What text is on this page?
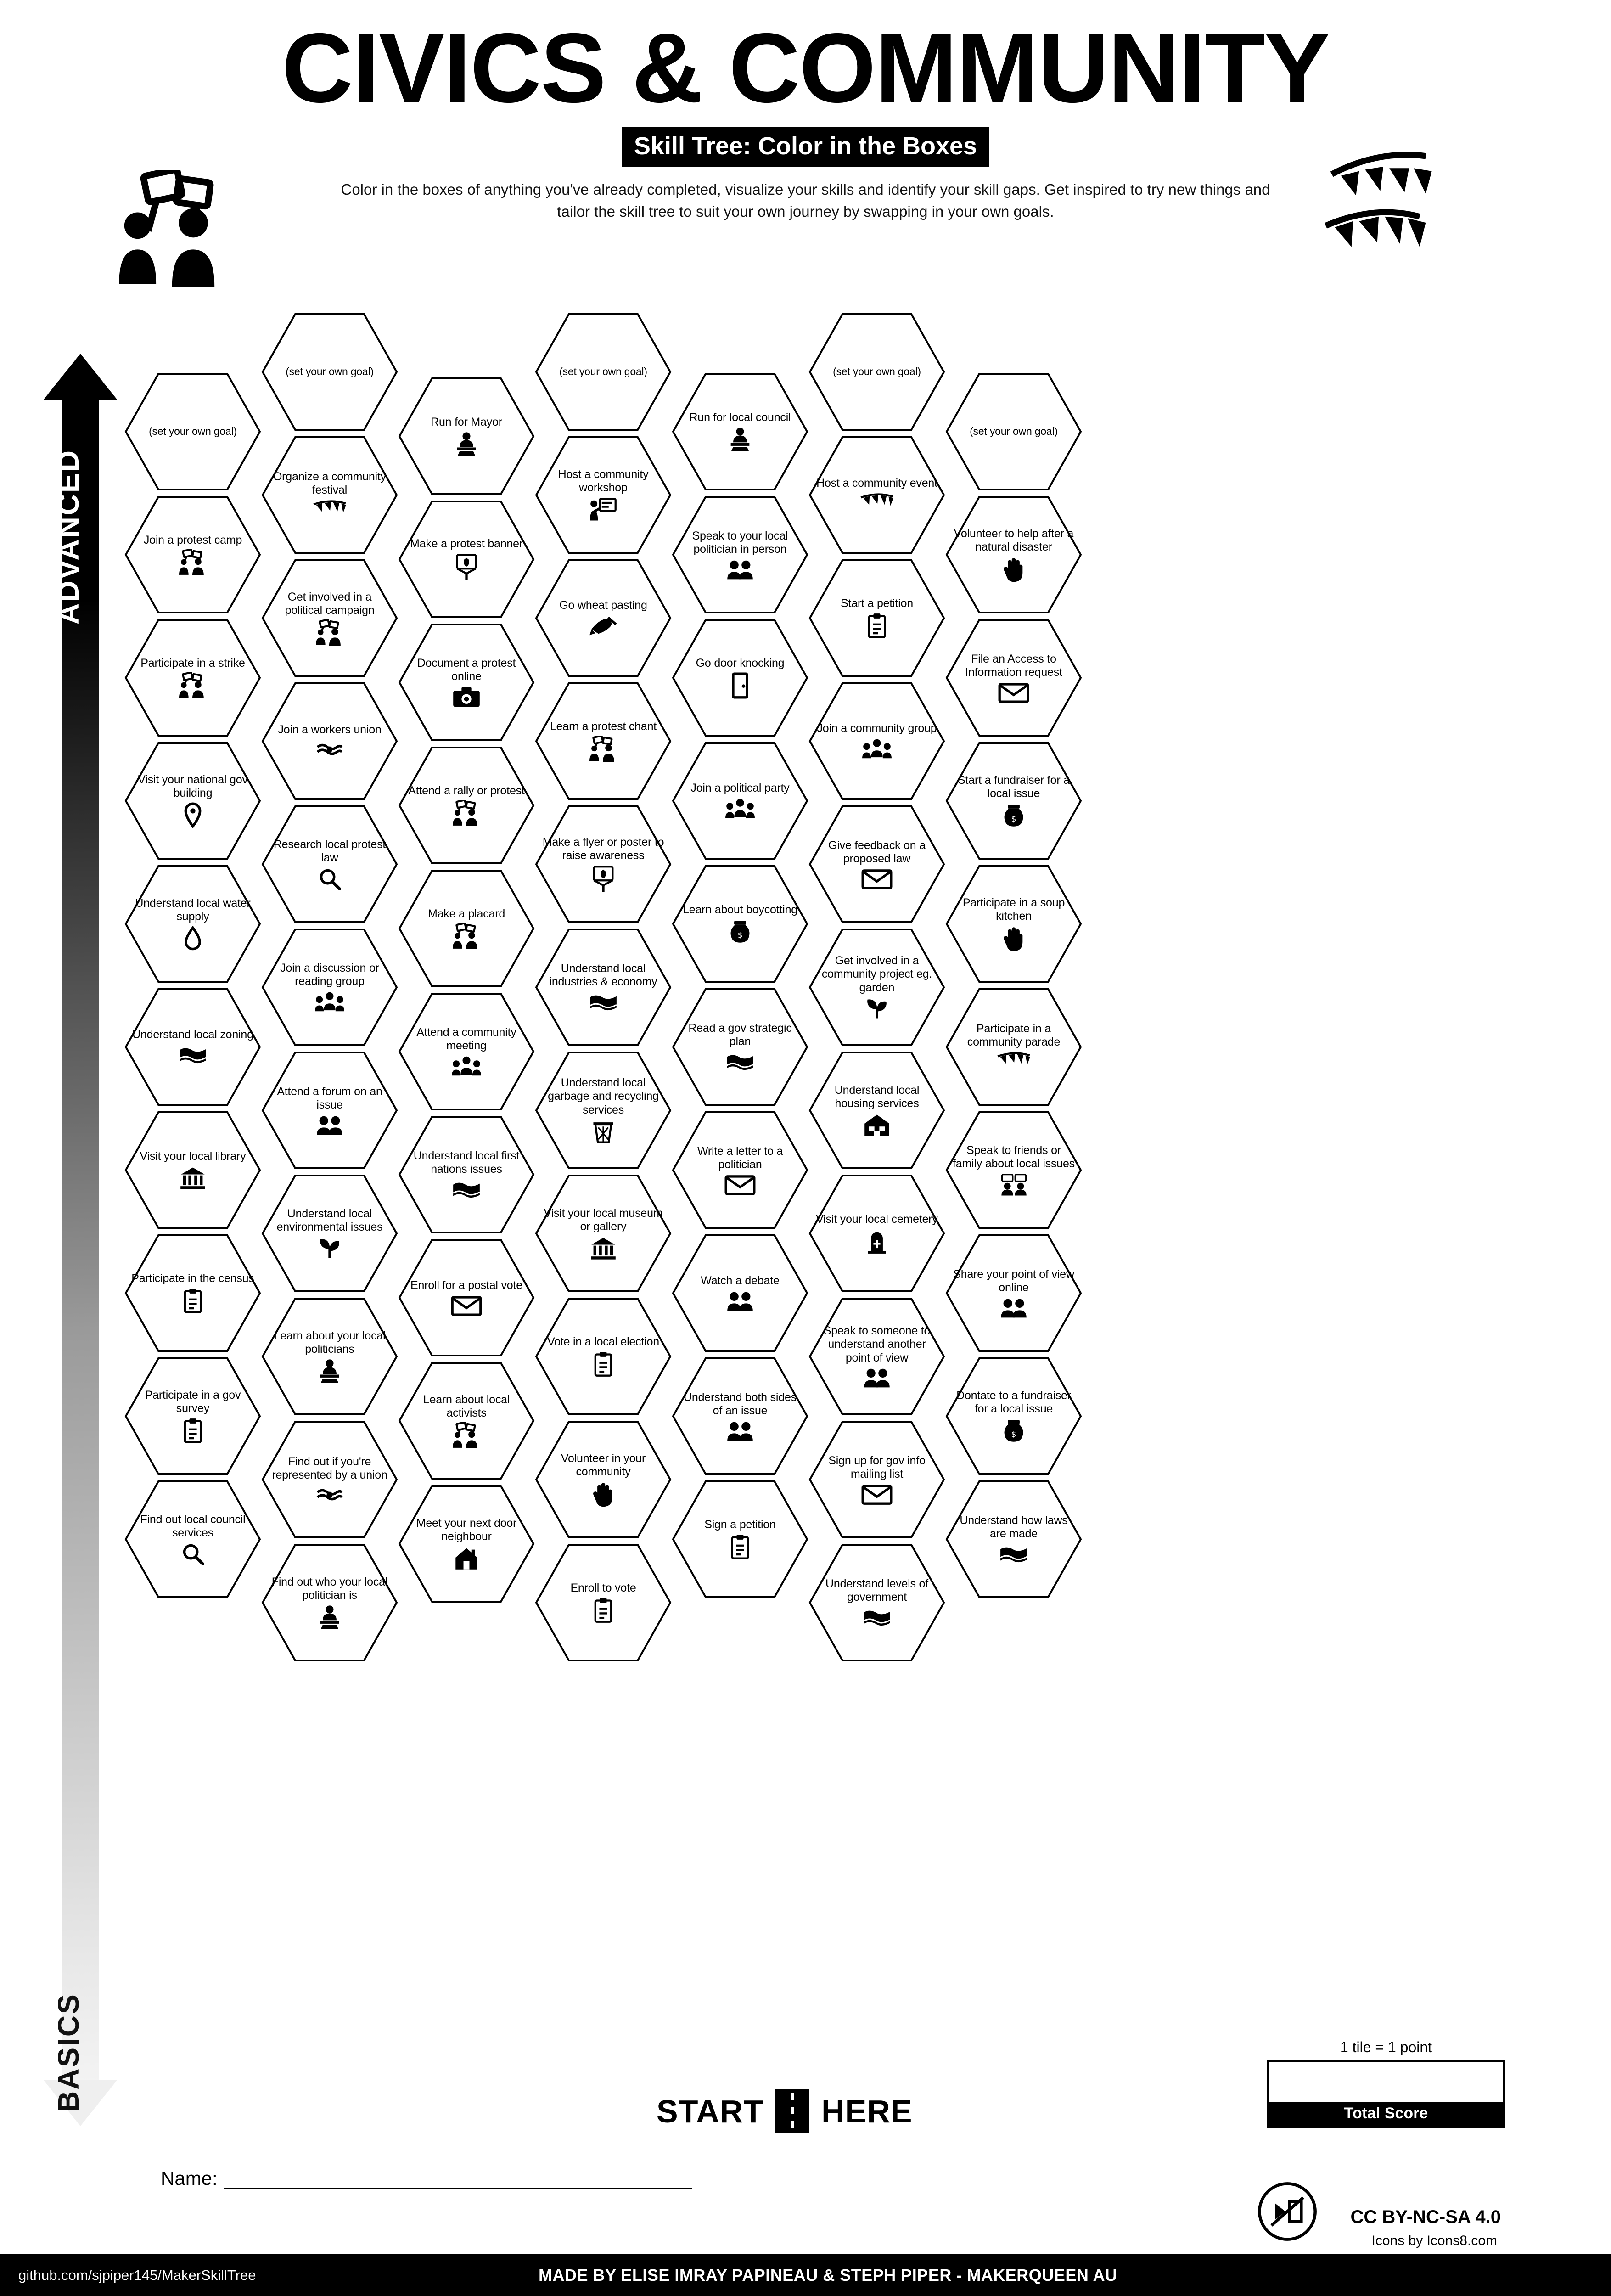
CIVICS & COMMUNITY
Skill Tree: Color in the Boxes
Color in the boxes of anything you've already completed, visualize your skills and identify your skill gaps. Get inspired to try new things and tailor the skill tree to suit your own journey by swapping in your own goals.
ADVANCED
BASICS
(set your own goal)
Join a protest camp
Participate in a strike
Visit your national gov building
Understand local water supply
Understand local zoning
Visit your local library
Participate in the census
Participate in a gov survey
Find out local council services
(set your own goal)
Organize a community festival
Get involved in a political campaign
Join a workers union
Research local protest law
Join a discussion or reading group
Attend a forum on an issue
Understand local environmental issues
Learn about your local politicians
Find out if you're represented by a union
Find out who your local politician is
Run for Mayor
Make a protest banner
Document a protest online
Attend a rally or protest
Make a placard
Attend a community meeting
Understand local first nations issues
Enroll for a postal vote
Learn about local activists
Meet your next door neighbour
(set your own goal)
Host a community workshop
Go wheat pasting
Learn a protest chant
Make a flyer or poster to raise awareness
Understand local industries & economy
Understand local garbage and recycling services
Visit your local museum or gallery
Vote in a local election
Volunteer in your community
Enroll to vote
Run for local council
Speak to your local politician in person
Go door knocking
Join a political party
Learn about boycotting
$
Read a gov strategic plan
Write a letter to a politician
Watch a debate
Understand both sides of an issue
Sign a petition
(set your own goal)
Host a community event
Start a petition
Join a community group
Give feedback on a proposed law
Get involved in a community project eg. garden
Understand local housing services
Visit your local cemetery
Speak to someone to understand another point of view
Sign up for gov info mailing list
Understand levels of government
(set your own goal)
Volunteer to help after a natural disaster
File an Access to Information request
Start a fundraiser for a local issue
$
Participate in a soup kitchen
Participate in a community parade
Speak to friends or family about local issues
Share your point of view online
Dontate to a fundraiser for a local issue
$
Understand how laws are made
START HERE
Name:
1 tile = 1 point
Total Score
CC BY-NC-SA 4.0
Icons by Icons8.com
github.com/sjpiper145/MakerSkillTree	MADE BY ELISE IMRAY PAPINEAU & STEPH PIPER - MAKERQUEEN AU
